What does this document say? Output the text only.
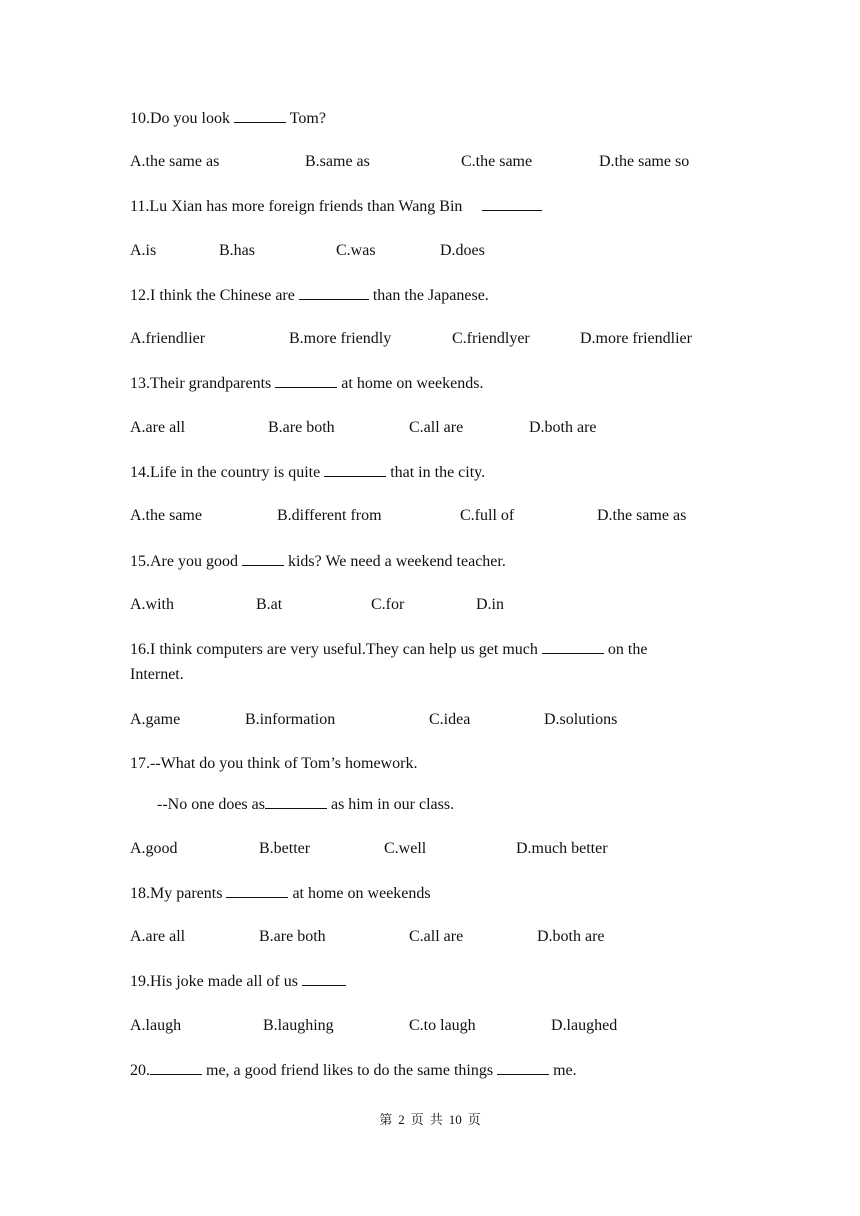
10.Do you look	Tom?
A.the same as	B.same as	C.the same	D.the same so
11.Lu Xian has more foreign friends than Wang Bin
A.is	B.has	C.was	D.does
12.I think the Chinese are	than the Japanese.
A.friendlier	B.more friendly	C.friendlyer	D.more friendlier
13.Their grandparents	at home on weekends.
A.are all	B.are both	C.all are	D.both are
14.Life in the country is quite	that in the city.
A.the same	B.different from	C.full of	D.the same as
15.Are you good	kids? We need a weekend teacher.
A.with	B.at	C.for	D.in
16.I think computers are very useful.They can help us get much	on the
Internet.
A.game	B.information	C.idea	D.solutions
17.--What do you think of Tom’s homework.
--No one does as	as him in our class.
A.good	B.better	C.well	D.much better
18.My parents	at home on weekends
A.are all	B.are both	C.all are	D.both are
19.His joke made all of us
A.laugh	B.laughing	C.to laugh	D.laughed
20.	me, a good friend likes to do the same things	me.
第 2 页 共 10 页
